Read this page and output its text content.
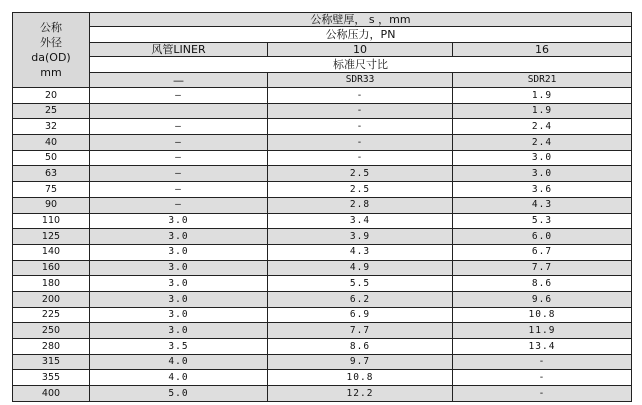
公称
外径
da(OD)
mm	公称壁厚， s ，mm		
	公称压力，PN		
	风管LINER	10	16
	标准尺寸比		
	—	SDR33	SDR21
20	—	-	1.9
25		-	1.9
32	—	-	2.4
40	—	-	2.4
50	—	-	3.0
63	—	2.5	3.0
75	—	2.5	3.6
90	—	2.8	4.3
110	3.0	3.4	5.3
125	3.0	3.9	6.0
140	3.0	4.3	6.7
160	3.0	4.9	7.7
180	3.0	5.5	8.6
200	3.0	6.2	9.6
225	3.0	6.9	10.8
250	3.0	7.7	11.9
280	3.5	8.6	13.4
315	4.0	9.7	-
355	4.0	10.8	-
400	5.0	12.2	-
